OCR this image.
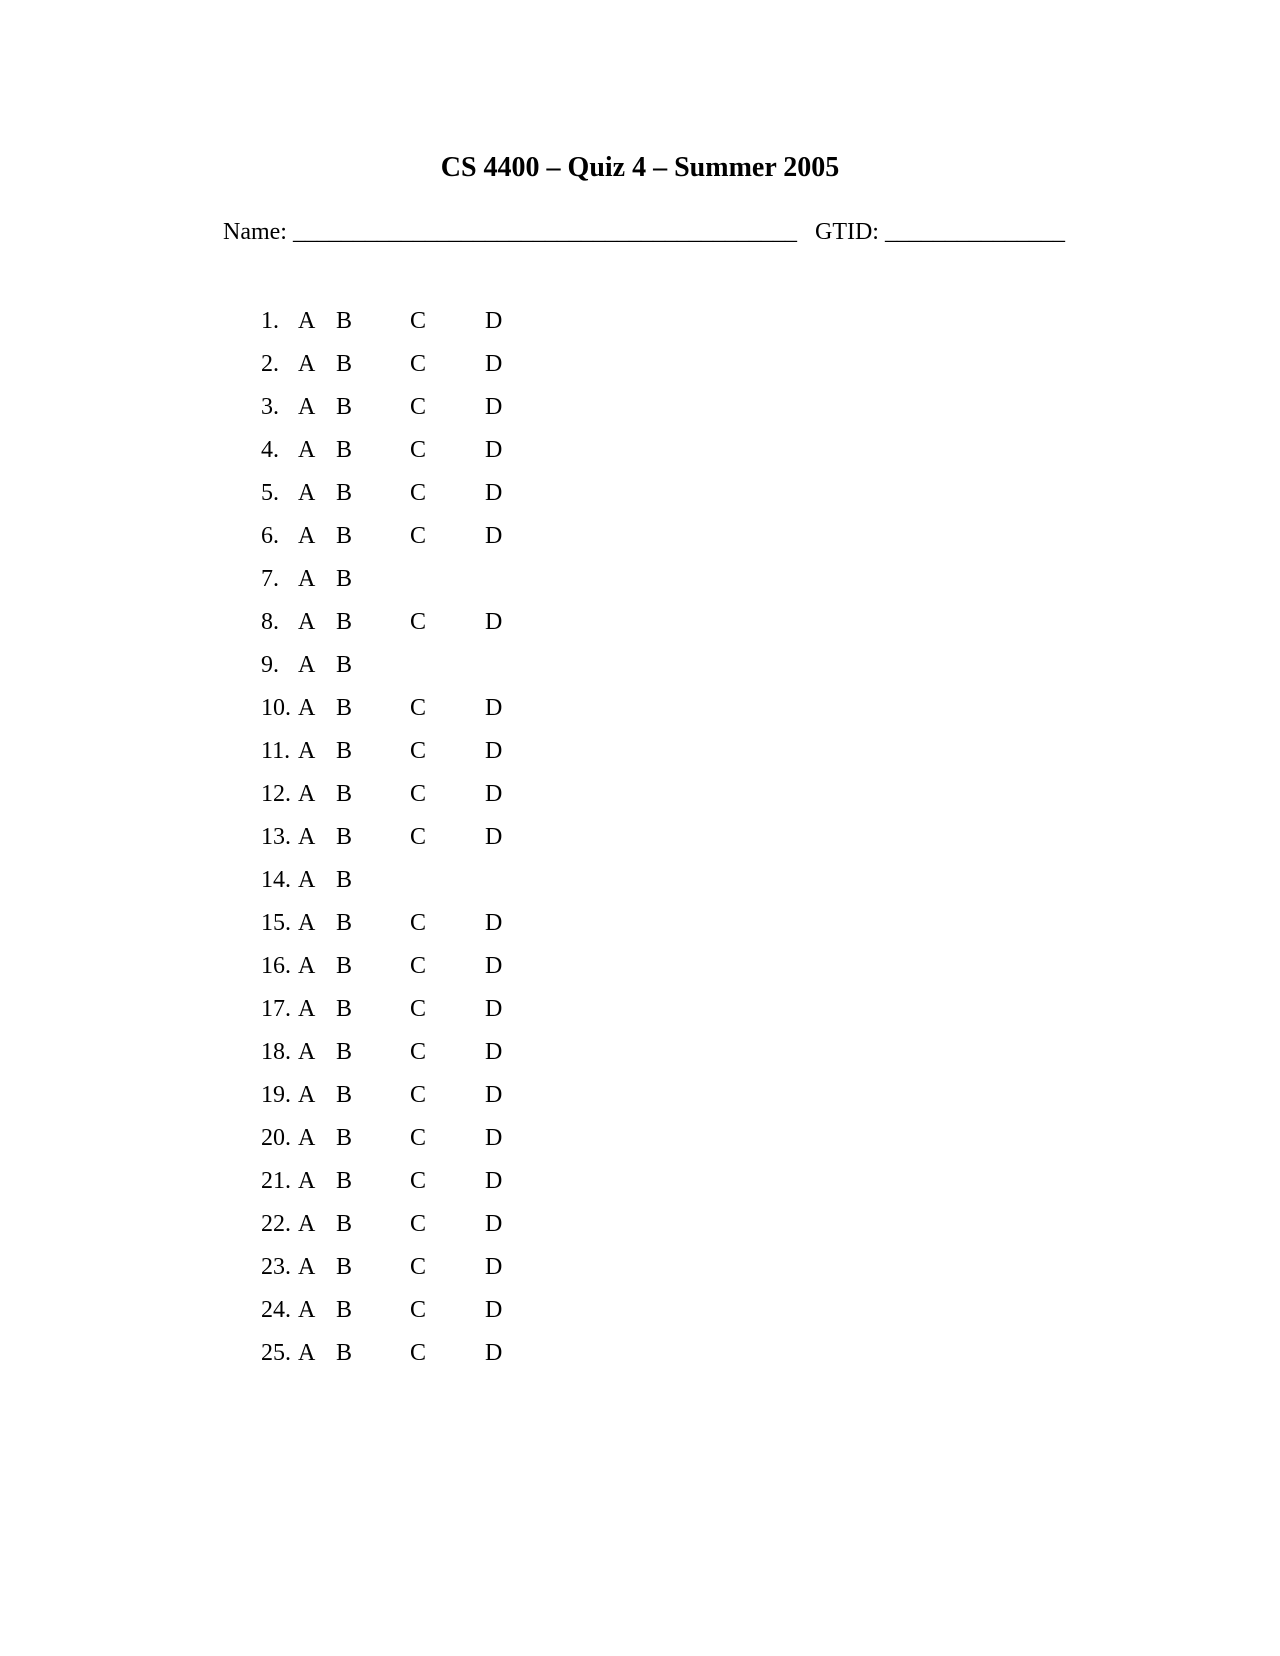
CS 4400 – Quiz 4 – Summer 2005
Name: __________________________________________ GTID: _______________
1. A B C D
2. A B C D
3. A B C D
4. A B C D
5. A B C D
6. A B C D
7. A B
8. A B C D
9. A B
10. A B C D
11. A B C D
12. A B C D
13. A B C D
14. A B
15. A B C D
16. A B C D
17. A B C D
18. A B C D
19. A B C D
20. A B C D
21. A B C D
22. A B C D
23. A B C D
24. A B C D
25. A B C D
